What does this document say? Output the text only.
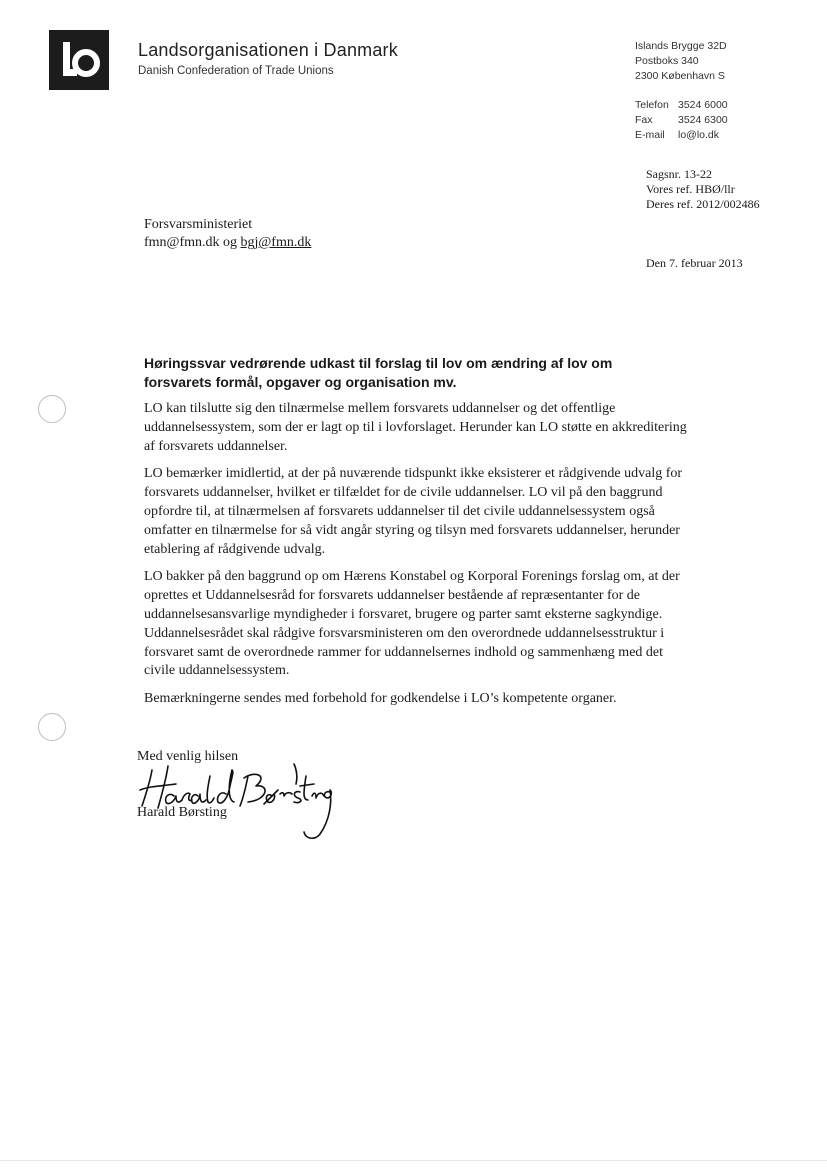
Landsorganisationen i Danmark
Danish Confederation of Trade Unions
Islands Brygge 32D
Postboks 340
2300 København S
Telefon 3524 6000
Fax	3524 6300
E-mail	lo@lo.dk
Sagsnr. 13-22
Vores ref. HBØ/llr
Deres ref. 2012/002486
Forsvarsministeriet
fmn@fmn.dk og bgj@fmn.dk
Den 7. februar 2013
Høringssvar vedrørende udkast til forslag til lov om ændring af lov om forsvarets formål, opgaver og organisation mv.

LO kan tilslutte sig den tilnærmelse mellem forsvarets uddannelser og det offentlige uddannelsessystem, som der er lagt op til i lovforslaget. Herunder kan LO støtte en akkreditering af forsvarets uddannelser.

LO bemærker imidlertid, at der på nuværende tidspunkt ikke eksisterer et rådgivende udvalg for forsvarets uddannelser, hvilket er tilfældet for de civile uddannelser. LO vil på den baggrund opfordre til, at tilnærmelsen af forsvarets uddannelser til det civile uddannelsessystem også omfatter en tilnærmelse for så vidt angår styring og tilsyn med forsvarets uddannelser, herunder etablering af rådgivende udvalg.

LO bakker på den baggrund op om Hærens Konstabel og Korporal Forenings forslag om, at der oprettes et Uddannelsesråd for forsvarets uddannelser bestående af repræsentanter for de uddannelsesansvarlige myndigheder i forsvaret, brugere og parter samt eksterne sagkyndige. Uddannelsesrådet skal rådgive forsvarsministeren om den overordnede uddannelsesstruktur i forsvaret samt de overordnede rammer for uddannelsernes indhold og sammenhæng med det civile uddannelsessystem.

Bemærkningerne sendes med forbehold for godkendelse i LO’s kompetente organer.

Med venlig hilsen
Harald Børsting
